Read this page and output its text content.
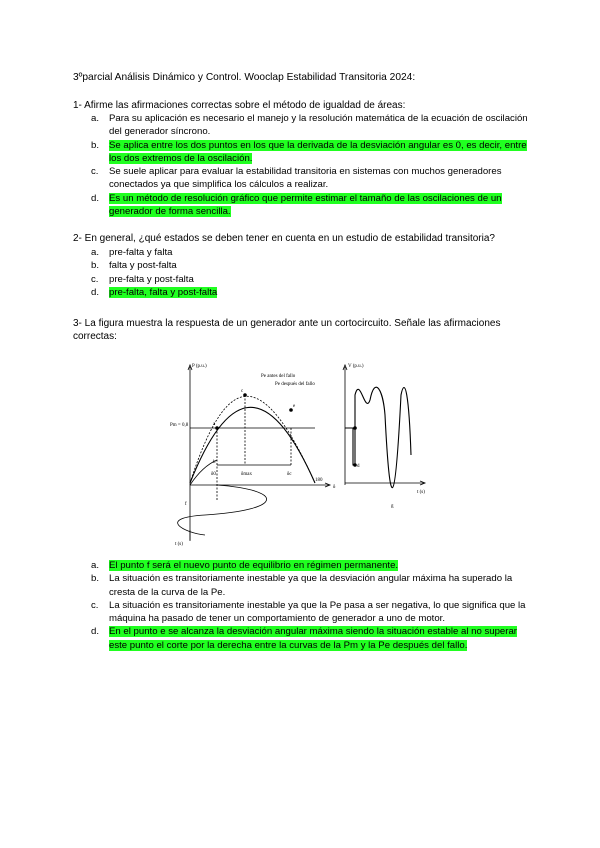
3ºparcial Análisis Dinámico y Control. Wooclap Estabilidad Transitoria 2024:
1- Afirme las afirmaciones correctas sobre el método de igualdad de áreas:
a.	Para su aplicación es necesario el manejo y la resolución matemática de la ecuación de oscilación del generador síncrono.
b.	Se aplica entre los dos puntos en los que la derivada de la desviación angular es 0, es decir, entre los dos extremos de la oscilación.
c.	Se suele aplicar para evaluar la estabilidad transitoria en sistemas con muchos generadores conectados ya que simplifica los cálculos a realizar.
d.	Es un método de resolución gráfico que permite estimar el tamaño de las oscilaciones de un generador de forma sencilla.
2- En general, ¿qué estados se deben tener en cuenta en un estudio de estabilidad transitoria?
a.	pre-falta y falta
b.	falta y post-falta
c.	pre-falta y post-falta
d.	pre-falta, falta y post-falta
3- La figura muestra la respuesta de un generador ante un cortocircuito. Señale las afirmaciones correctas:
P (p.u.)
Pe antes del fallo
Pe después del fallo
Pm = 0,8
δ
δ0	δmax	δc
180
a
b
c
e
f
t (s)
V (p.u.)
t (s)
d
g
a.	El punto f será el nuevo punto de equilibrio en régimen permanente.
b.	La situación es transitoriamente inestable ya que la desviación angular máxima ha superado la cresta de la curva de la Pe.
c.	La situación es transitoriamente inestable ya que la Pe pasa a ser negativa, lo que significa que la máquina ha pasado de tener un comportamiento de generador a uno de motor.
d.	En el punto e se alcanza la desviación angular máxima siendo la situación estable al no superar este punto el corte por la derecha entre la curvas de la Pm y la Pe después del fallo.
